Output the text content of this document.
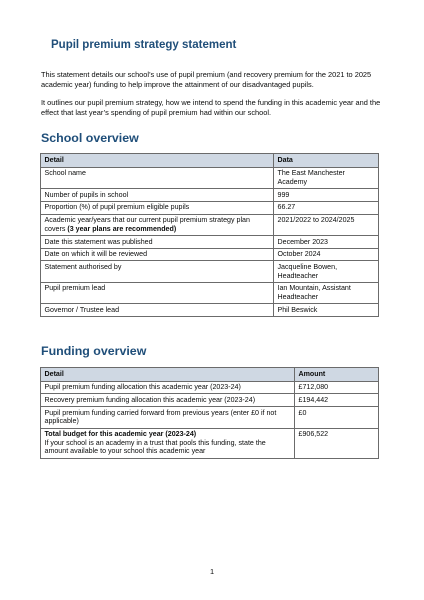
Pupil premium strategy statement

This statement details our school’s use of pupil premium (and recovery premium for the 2021 to 2025 academic year) funding to help improve the attainment of our disadvantaged pupils.

It outlines our pupil premium strategy, how we intend to spend the funding in this academic year and the effect that last year’s spending of pupil premium had within our school.

School overview
Detail	Data
School name	The East Manchester Academy
Number of pupils in school	999
Proportion (%) of pupil premium eligible pupils	66.27
Academic year/years that our current pupil premium strategy plan covers (3 year plans are recommended)	2021/2022 to 2024/2025
Date this statement was published	December 2023
Date on which it will be reviewed	October 2024
Statement authorised by	Jacqueline Bowen, Headteacher
Pupil premium lead	Ian Mountain, Assistant Headteacher
Governor / Trustee lead	Phil Beswick
Funding overview
Detail	Amount
Pupil premium funding allocation this academic year (2023-24)	£712,080
Recovery premium funding allocation this academic year (2023-24)	£194,442
Pupil premium funding carried forward from previous years (enter £0 if not applicable)	£0

Total budget for this academic year (2023-24)
If your school is an academy in a trust that pools this funding, state the amount available to your school this academic year	£906,522
1
